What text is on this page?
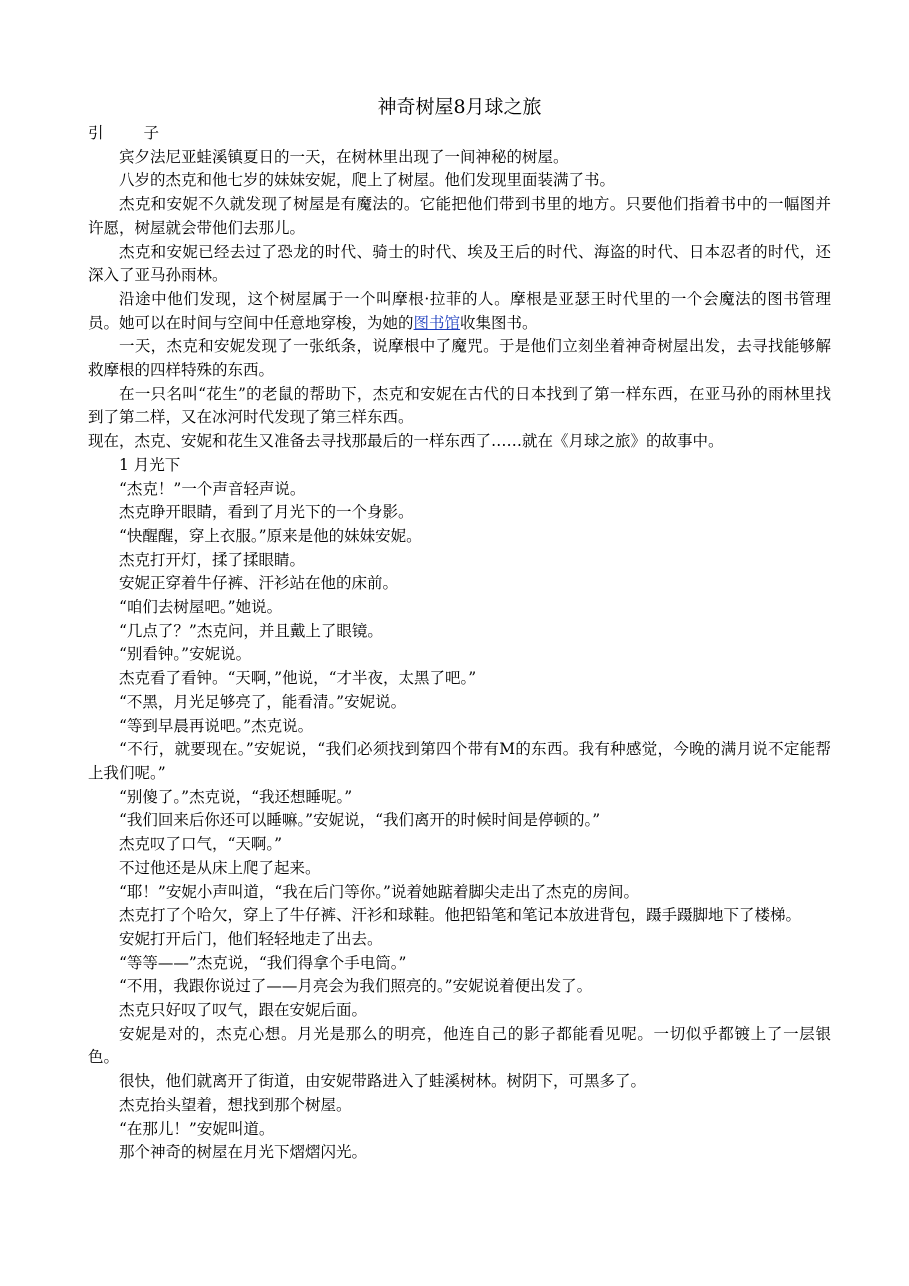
神奇树屋8月球之旅
引	子
宾夕法尼亚蛙溪镇夏日的一天，在树林里出现了一间神秘的树屋。
八岁的杰克和他七岁的妹妹安妮，爬上了树屋。他们发现里面装满了书。
杰克和安妮不久就发现了树屋是有魔法的。它能把他们带到书里的地方。只要他们指着书中的一幅图并许愿，树屋就会带他们去那儿。
杰克和安妮已经去过了恐龙的时代、骑士的时代、埃及王后的时代、海盗的时代、日本忍者的时代，还深入了亚马孙雨林。
沿途中他们发现，这个树屋属于一个叫摩根·拉菲的人。摩根是亚瑟王时代里的一个会魔法的图书管理员。她可以在时间与空间中任意地穿梭，为她的图书馆收集图书。
一天，杰克和安妮发现了一张纸条，说摩根中了魔咒。于是他们立刻坐着神奇树屋出发，去寻找能够解救摩根的四样特殊的东西。
在一只名叫“花生”的老鼠的帮助下，杰克和安妮在古代的日本找到了第一样东西，在亚马孙的雨林里找到了第二样，又在冰河时代发现了第三样东西。
现在，杰克、安妮和花生又准备去寻找那最后的一样东西了……就在《月球之旅》的故事中。
1 月光下
“杰克！”一个声音轻声说。
杰克睁开眼睛，看到了月光下的一个身影。
“快醒醒，穿上衣服。”原来是他的妹妹安妮。
杰克打开灯，揉了揉眼睛。
安妮正穿着牛仔裤、汗衫站在他的床前。
“咱们去树屋吧。”她说。
“几点了？”杰克问，并且戴上了眼镜。
“别看钟。”安妮说。
杰克看了看钟。“天啊，”他说，“才半夜，太黑了吧。”
“不黑，月光足够亮了，能看清。”安妮说。
“等到早晨再说吧。”杰克说。
“不行，就要现在。”安妮说，“我们必须找到第四个带有M的东西。我有种感觉，今晚的满月说不定能帮上我们呢。”
“别傻了。”杰克说，“我还想睡呢。”
“我们回来后你还可以睡嘛。”安妮说，“我们离开的时候时间是停顿的。”
杰克叹了口气，“天啊。”
不过他还是从床上爬了起来。
“耶！”安妮小声叫道，“我在后门等你。”说着她踮着脚尖走出了杰克的房间。
杰克打了个哈欠，穿上了牛仔裤、汗衫和球鞋。他把铅笔和笔记本放进背包，蹑手蹑脚地下了楼梯。
安妮打开后门，他们轻轻地走了出去。
“等等——”杰克说，“我们得拿个手电筒。”
“不用，我跟你说过了——月亮会为我们照亮的。”安妮说着便出发了。
杰克只好叹了叹气，跟在安妮后面。
安妮是对的，杰克心想。月光是那么的明亮，他连自己的影子都能看见呢。一切似乎都镀上了一层银色。
很快，他们就离开了街道，由安妮带路进入了蛙溪树林。树阴下，可黑多了。
杰克抬头望着，想找到那个树屋。
“在那儿！”安妮叫道。
那个神奇的树屋在月光下熠熠闪光。
